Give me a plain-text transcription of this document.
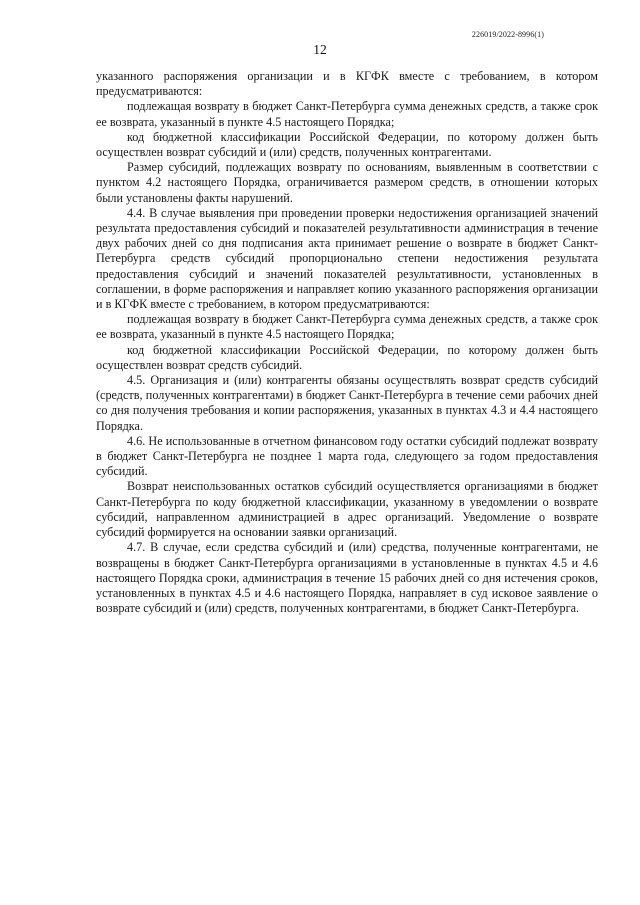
226019/2022-8996(1)
12

указанного распоряжения организации и в КГФК вместе с требованием, в котором предусматриваются:

подлежащая возврату в бюджет Санкт-Петербурга сумма денежных средств, а также срок ее возврата, указанный в пункте 4.5 настоящего Порядка;

код бюджетной классификации Российской Федерации, по которому должен быть осуществлен возврат субсидий и (или) средств, полученных контрагентами.

Размер субсидий, подлежащих возврату по основаниям, выявленным в соответствии с пунктом 4.2 настоящего Порядка, ограничивается размером средств, в отношении которых были установлены факты нарушений.

4.4. В случае выявления при проведении проверки недостижения организацией значений результата предоставления субсидий и показателей результативности администрация в течение двух рабочих дней со дня подписания акта принимает решение о возврате в бюджет Санкт-Петербурга средств субсидий пропорционально степени недостижения результата предоставления субсидий и значений показателей результативности, установленных в соглашении, в форме распоряжения и направляет копию указанного распоряжения организации и в КГФК вместе с требованием, в котором предусматриваются:

подлежащая возврату в бюджет Санкт-Петербурга сумма денежных средств, а также срок ее возврата, указанный в пункте 4.5 настоящего Порядка;

код бюджетной классификации Российской Федерации, по которому должен быть осуществлен возврат средств субсидий.

4.5. Организация и (или) контрагенты обязаны осуществлять возврат средств субсидий (средств, полученных контрагентами) в бюджет Санкт-Петербурга в течение семи рабочих дней со дня получения требования и копии распоряжения, указанных в пунктах 4.3 и 4.4 настоящего Порядка.

4.6. Не использованные в отчетном финансовом году остатки субсидий подлежат возврату в бюджет Санкт-Петербурга не позднее 1 марта года, следующего за годом предоставления субсидий.

Возврат неиспользованных остатков субсидий осуществляется организациями в бюджет Санкт-Петербурга по коду бюджетной классификации, указанному в уведомлении о возврате субсидий, направленном администрацией в адрес организаций. Уведомление о возврате субсидий формируется на основании заявки организаций.

4.7. В случае, если средства субсидий и (или) средства, полученные контрагентами, не возвращены в бюджет Санкт-Петербурга организациями в установленные в пунктах 4.5 и 4.6 настоящего Порядка сроки, администрация в течение 15 рабочих дней со дня истечения сроков, установленных в пунктах 4.5 и 4.6 настоящего Порядка, направляет в суд исковое заявление о возврате субсидий и (или) средств, полученных контрагентами, в бюджет Санкт-Петербурга.
